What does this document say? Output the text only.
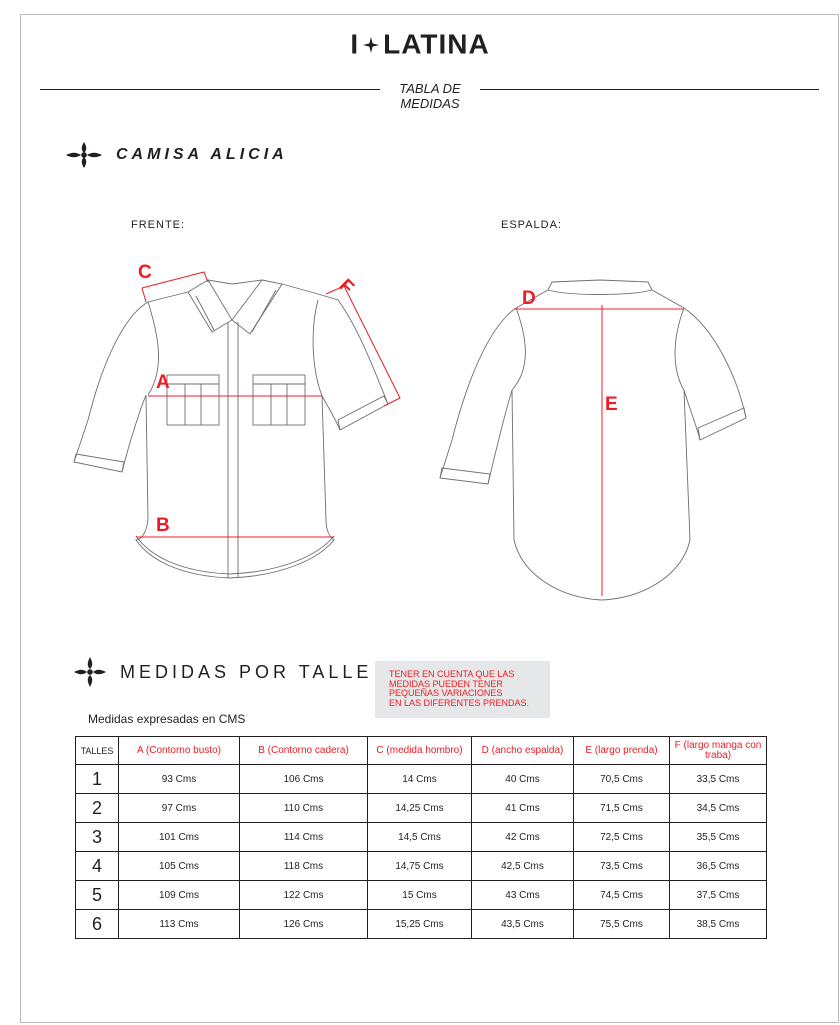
I LATINA
TABLA DE
MEDIDAS
CAMISA ALICIA
FRENTE:	ESPALDA:
C
F
A
B
D
E
MEDIDAS POR TALLE TENER EN CUENTA QUE LAS
MEDIDAS PUEDEN TENER
PEQUEÑAS VARIACIONES
EN LAS DIFERENTES PRENDAS.
Medidas expresadas en CMS
TALLES	A (Contorno busto)	B (Contorno cadera)	C (medida hombro)	D (ancho espalda)	E (largo prenda)	F (largo manga con traba)
1	93 Cms	106 Cms	14 Cms	40 Cms	70,5 Cms	33,5 Cms
2	97 Cms	110 Cms	14,25 Cms	41 Cms	71,5 Cms	34,5 Cms
3	101 Cms	114 Cms	14,5 Cms	42 Cms	72,5 Cms	35,5 Cms
4	105 Cms	118 Cms	14,75 Cms	42,5 Cms	73,5 Cms	36,5 Cms
5	109 Cms	122 Cms	15 Cms	43 Cms	74,5 Cms	37,5 Cms
6	113 Cms	126 Cms	15,25 Cms	43,5 Cms	75,5 Cms	38,5 Cms
